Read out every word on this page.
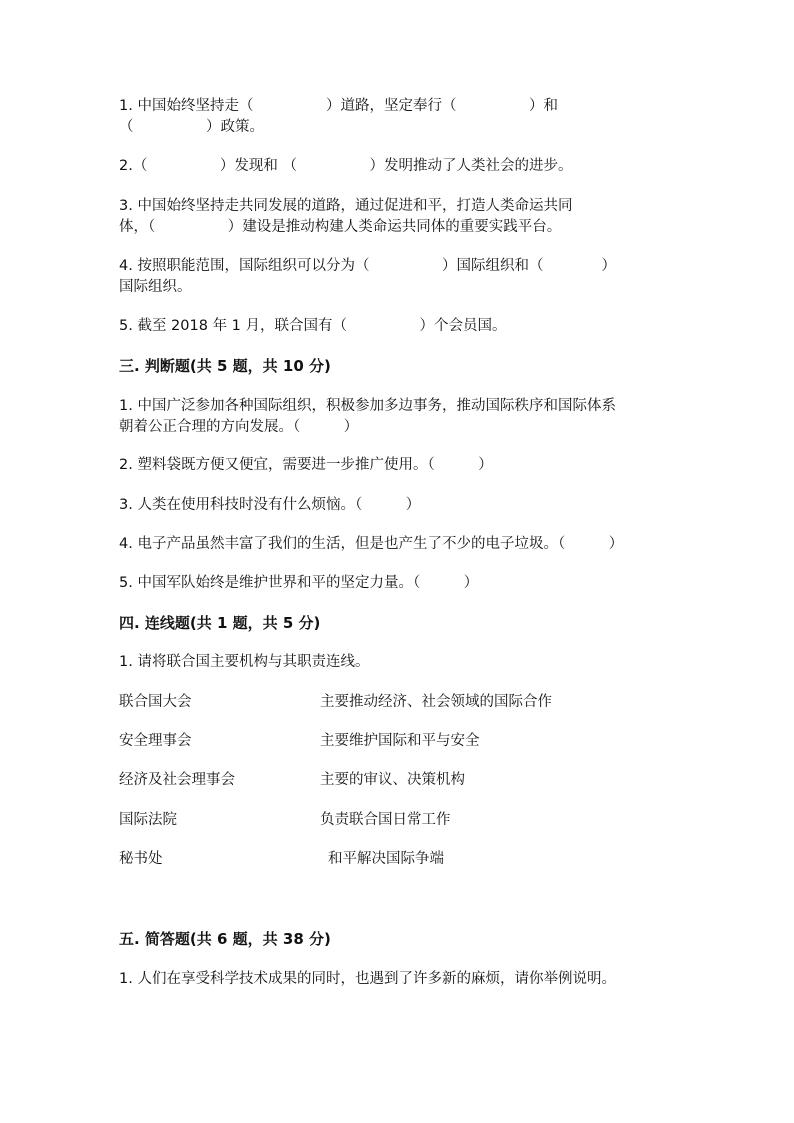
1. 中国始终坚持走（　　　　　）道路，坚定奉行（　　　　　）和

（　　　　　）政策。

2.（　　　　　）发现和 （　　　　　）发明推动了人类社会的进步。

3. 中国始终坚持走共同发展的道路，通过促进和平，打造人类命运共同

体，（　　　　　）建设是推动构建人类命运共同体的重要实践平台。

4. 按照职能范围，国际组织可以分为（　　　　　）国际组织和（　　　　）

国际组织。

5. 截至 2018 年 1 月，联合国有（　　　　　）个会员国。

三. 判断题(共 5 题，共 10 分)

1. 中国广泛参加各种国际组织，积极参加多边事务，推动国际秩序和国际体系

朝着公正合理的方向发展。（　　　）

2. 塑料袋既方便又便宜，需要进一步推广使用。（　　　）

3. 人类在使用科技时没有什么烦恼。（　　　）

4. 电子产品虽然丰富了我们的生活，但是也产生了不少的电子垃圾。（　　　）

5. 中国军队始终是维护世界和平的坚定力量。（　　　）

四. 连线题(共 1 题，共 5 分)

1. 请将联合国主要机构与其职责连线。

联合国大会	主要推动经济、社会领域的国际合作
安全理事会	主要维护国际和平与安全
经济及社会理事会	主要的审议、决策机构
国际法院	负责联合国日常工作
秘书处	和平解决国际争端

五. 简答题(共 6 题，共 38 分)

1. 人们在享受科学技术成果的同时，也遇到了许多新的麻烦，请你举例说明。
